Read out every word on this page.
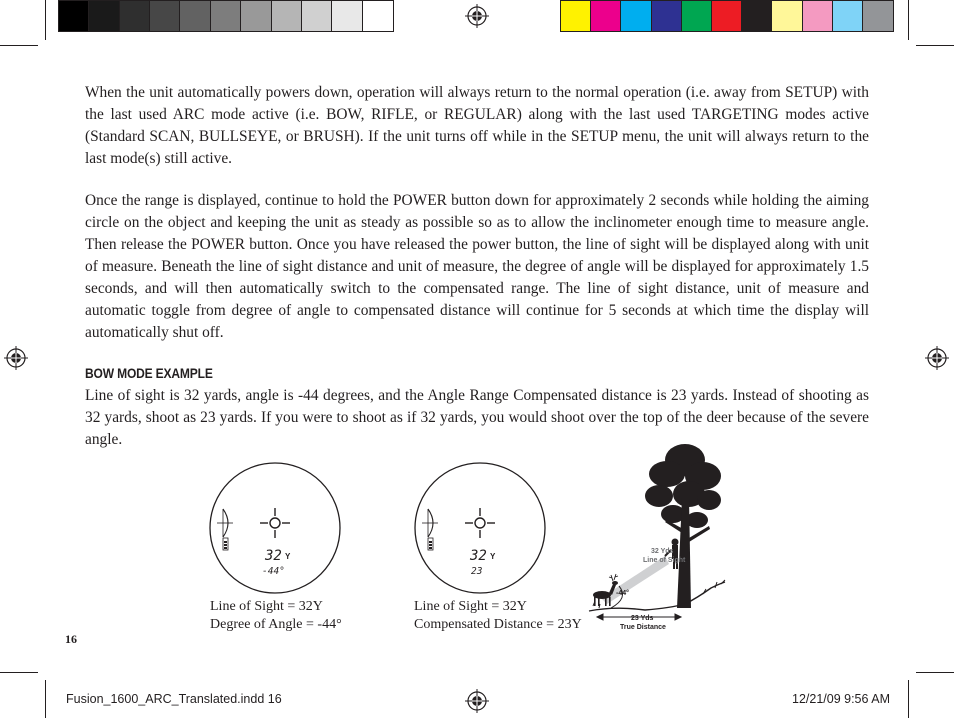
When the unit automatically powers down, operation will always return to the normal operation (i.e. away from SETUP) with the last used ARC mode active (i.e. BOW, RIFLE, or REGULAR) along with the last used TARGETING modes active (Standard SCAN, BULLSEYE, or BRUSH). If the unit turns off while in the SETUP menu, the unit will always return to the last mode(s) still active.

Once the range is displayed, continue to hold the POWER button down for approximately 2 seconds while holding the aiming circle on the object and keeping the unit as steady as possible so as to allow the inclinometer enough time to measure angle. Then release the POWER button. Once you have released the power button, the line of sight will be displayed along with unit of measure. Beneath the line of sight distance and unit of measure, the degree of angle will be displayed for approximately 1.5 seconds, and will then automatically switch to the compensated range. The line of sight distance, unit of measure and automatic toggle from degree of angle to compensated distance will continue for 5 seconds at which time the display will automatically shut off.

BOW MODE EXAMPLE

Line of sight is 32 yards, angle is -44 degrees, and the Angle Range Compensated distance is 23 yards. Instead of shooting as 32 yards, shoot as 23 yards. If you were to shoot as if 32 yards, you would shoot over the top of the deer because of the severe angle.

32 Y
-44°
Line of Sight = 32Y
Degree of Angle = -44°
32 Y
23
Line of Sight = 32Y
Compensated Distance = 23Y
32 Yds
Line of Sight
-44°
23 Yds
True Distance

16

Fusion_1600_ARC_Translated.indd 16	12/21/09 9:56 AM
